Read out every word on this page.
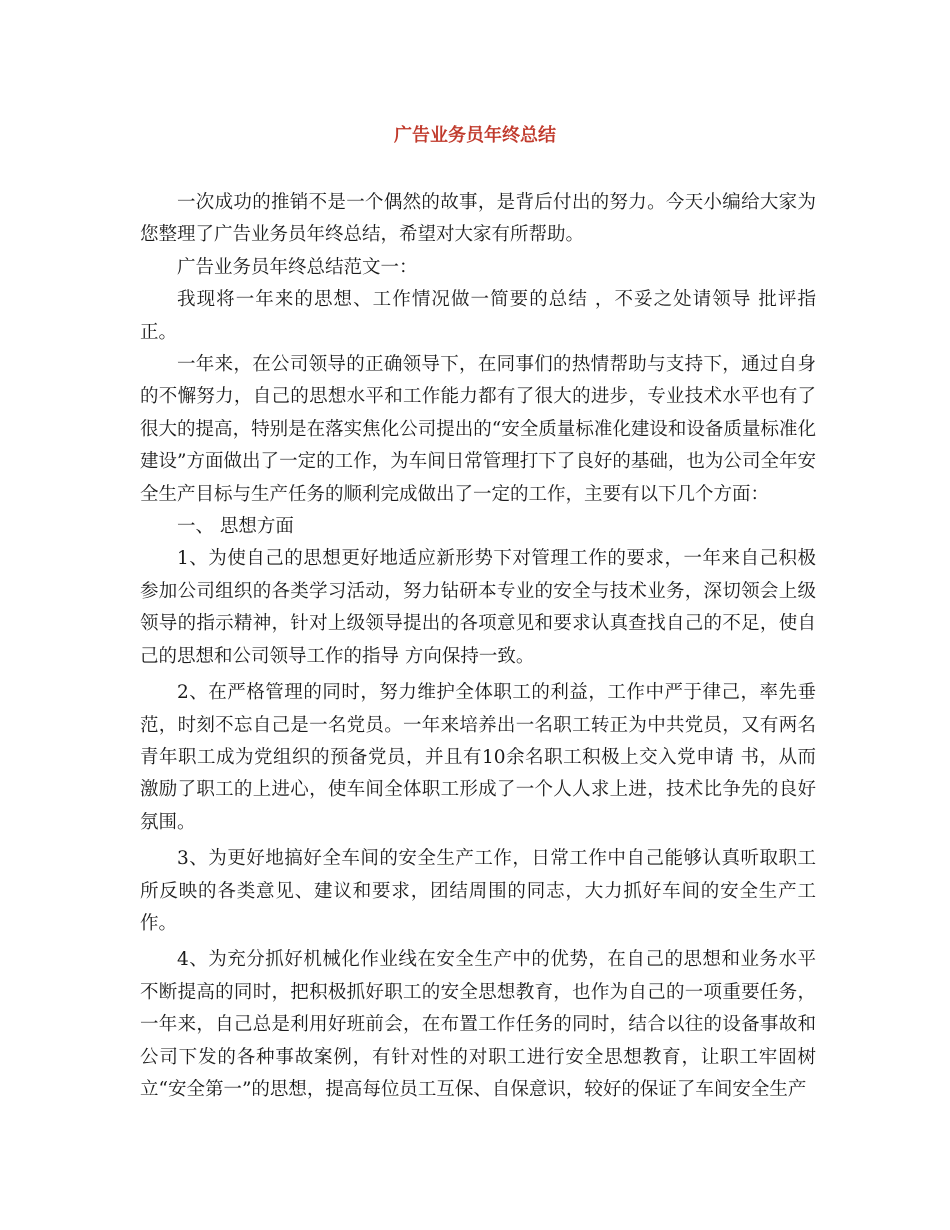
广告业务员年终总结

一次成功的推销不是一个偶然的故事，是背后付出的努力。今天小编给大家为您整理了广告业务员年终总结，希望对大家有所帮助。

广告业务员年终总结范文一：

我现将一年来的思想、工作情况做一简要的总结 ，不妥之处请领导 批评指正。

一年来，在公司领导的正确领导下，在同事们的热情帮助与支持下，通过自身的不懈努力，自己的思想水平和工作能力都有了很大的进步，专业技术水平也有了很大的提高，特别是在落实焦化公司提出的“安全质量标准化建设和设备质量标准化建设”方面做出了一定的工作，为车间日常管理打下了良好的基础，也为公司全年安全生产目标与生产任务的顺利完成做出了一定的工作，主要有以下几个方面：

一、 思想方面

1、为使自己的思想更好地适应新形势下对管理工作的要求，一年来自己积极参加公司组织的各类学习活动，努力钻研本专业的安全与技术业务，深切领会上级领导的指示精神，针对上级领导提出的各项意见和要求认真查找自己的不足，使自己的思想和公司领导工作的指导 方向保持一致。

2、在严格管理的同时，努力维护全体职工的利益，工作中严于律己，率先垂范，时刻不忘自己是一名党员。一年来培养出一名职工转正为中共党员，又有两名青年职工成为党组织的预备党员，并且有10余名职工积极上交入党申请 书，从而激励了职工的上进心，使车间全体职工形成了一个人人求上进，技术比争先的良好氛围。

3、为更好地搞好全车间的安全生产工作，日常工作中自己能够认真听取职工所反映的各类意见、建议和要求，团结周围的同志，大力抓好车间的安全生产工作。

4、为充分抓好机械化作业线在安全生产中的优势，在自己的思想和业务水平不断提高的同时，把积极抓好职工的安全思想教育，也作为自己的一项重要任务，一年来，自己总是利用好班前会，在布置工作任务的同时，结合以往的设备事故和公司下发的各种事故案例，有针对性的对职工进行安全思想教育，让职工牢固树立“安全第一”的思想，提高每位员工互保、自保意识，较好的保证了车间安全生产
